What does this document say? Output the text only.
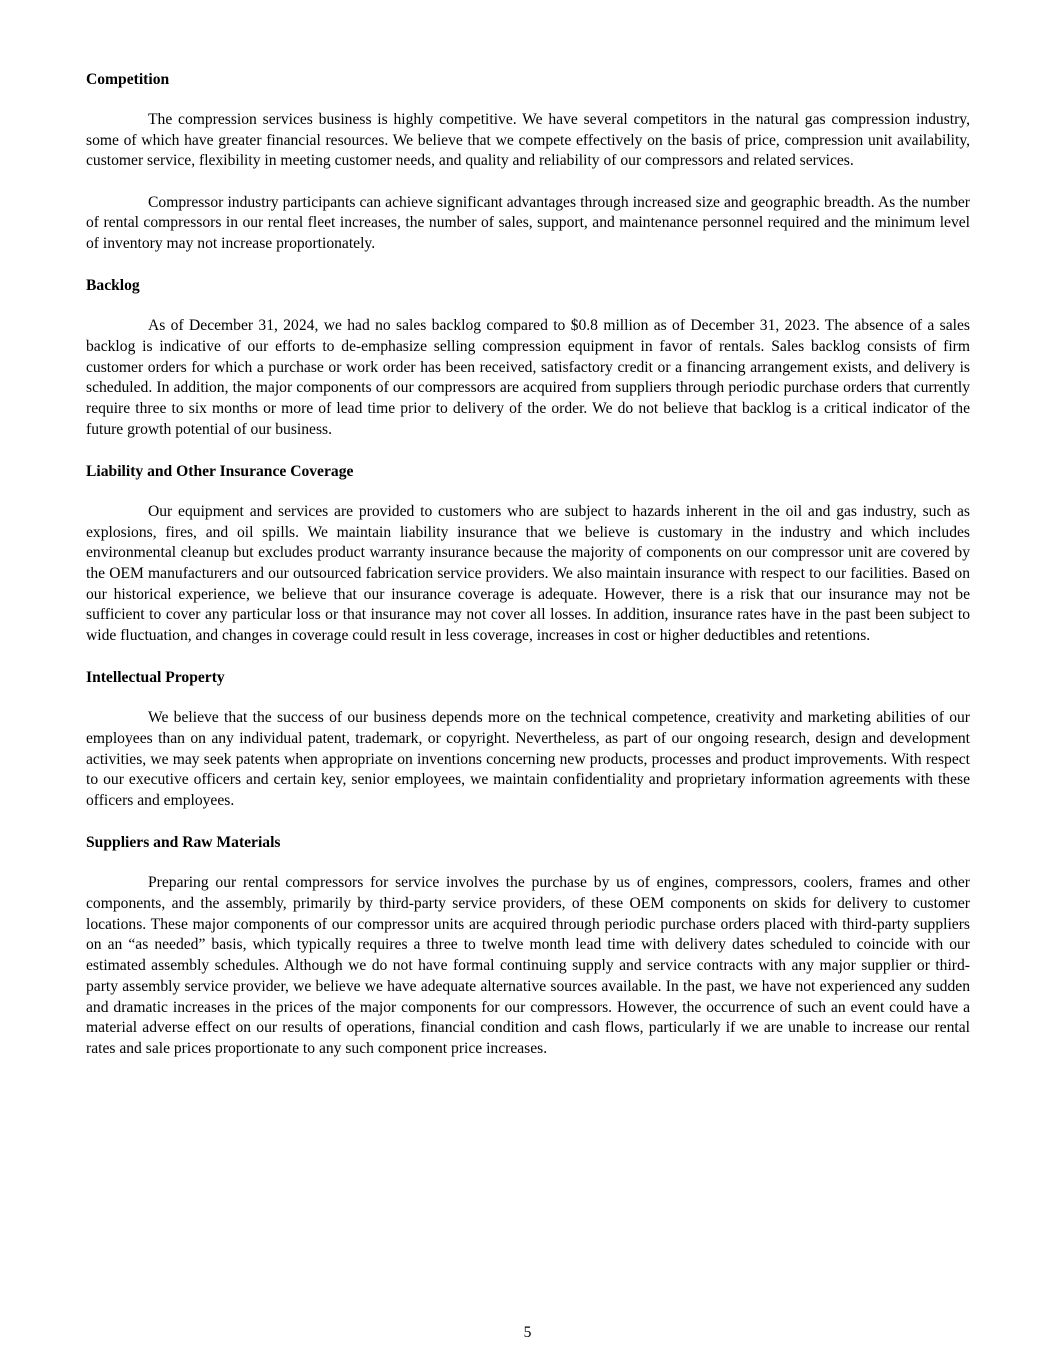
Competition

The compression services business is highly competitive. We have several competitors in the natural gas compression industry, some of which have greater financial resources. We believe that we compete effectively on the basis of price, compression unit availability, customer service, flexibility in meeting customer needs, and quality and reliability of our compressors and related services.

Compressor industry participants can achieve significant advantages through increased size and geographic breadth. As the number of rental compressors in our rental fleet increases, the number of sales, support, and maintenance personnel required and the minimum level of inventory may not increase proportionately.

Backlog

As of December 31, 2024, we had no sales backlog compared to $0.8 million as of December 31, 2023. The absence of a sales backlog is indicative of our efforts to de-emphasize selling compression equipment in favor of rentals. Sales backlog consists of firm customer orders for which a purchase or work order has been received, satisfactory credit or a financing arrangement exists, and delivery is scheduled. In addition, the major components of our compressors are acquired from suppliers through periodic purchase orders that currently require three to six months or more of lead time prior to delivery of the order. We do not believe that backlog is a critical indicator of the future growth potential of our business.

Liability and Other Insurance Coverage

Our equipment and services are provided to customers who are subject to hazards inherent in the oil and gas industry, such as explosions, fires, and oil spills. We maintain liability insurance that we believe is customary in the industry and which includes environmental cleanup but excludes product warranty insurance because the majority of components on our compressor unit are covered by the OEM manufacturers and our outsourced fabrication service providers. We also maintain insurance with respect to our facilities. Based on our historical experience, we believe that our insurance coverage is adequate. However, there is a risk that our insurance may not be sufficient to cover any particular loss or that insurance may not cover all losses. In addition, insurance rates have in the past been subject to wide fluctuation, and changes in coverage could result in less coverage, increases in cost or higher deductibles and retentions.

Intellectual Property

We believe that the success of our business depends more on the technical competence, creativity and marketing abilities of our employees than on any individual patent, trademark, or copyright. Nevertheless, as part of our ongoing research, design and development activities, we may seek patents when appropriate on inventions concerning new products, processes and product improvements. With respect to our executive officers and certain key, senior employees, we maintain confidentiality and proprietary information agreements with these officers and employees.

Suppliers and Raw Materials

Preparing our rental compressors for service involves the purchase by us of engines, compressors, coolers, frames and other components, and the assembly, primarily by third-party service providers, of these OEM components on skids for delivery to customer locations. These major components of our compressor units are acquired through periodic purchase orders placed with third-party suppliers on an “as needed” basis, which typically requires a three to twelve month lead time with delivery dates scheduled to coincide with our estimated assembly schedules. Although we do not have formal continuing supply and service contracts with any major supplier or third-party assembly service provider, we believe we have adequate alternative sources available. In the past, we have not experienced any sudden and dramatic increases in the prices of the major components for our compressors. However, the occurrence of such an event could have a material adverse effect on our results of operations, financial condition and cash flows, particularly if we are unable to increase our rental rates and sale prices proportionate to any such component price increases.

5
